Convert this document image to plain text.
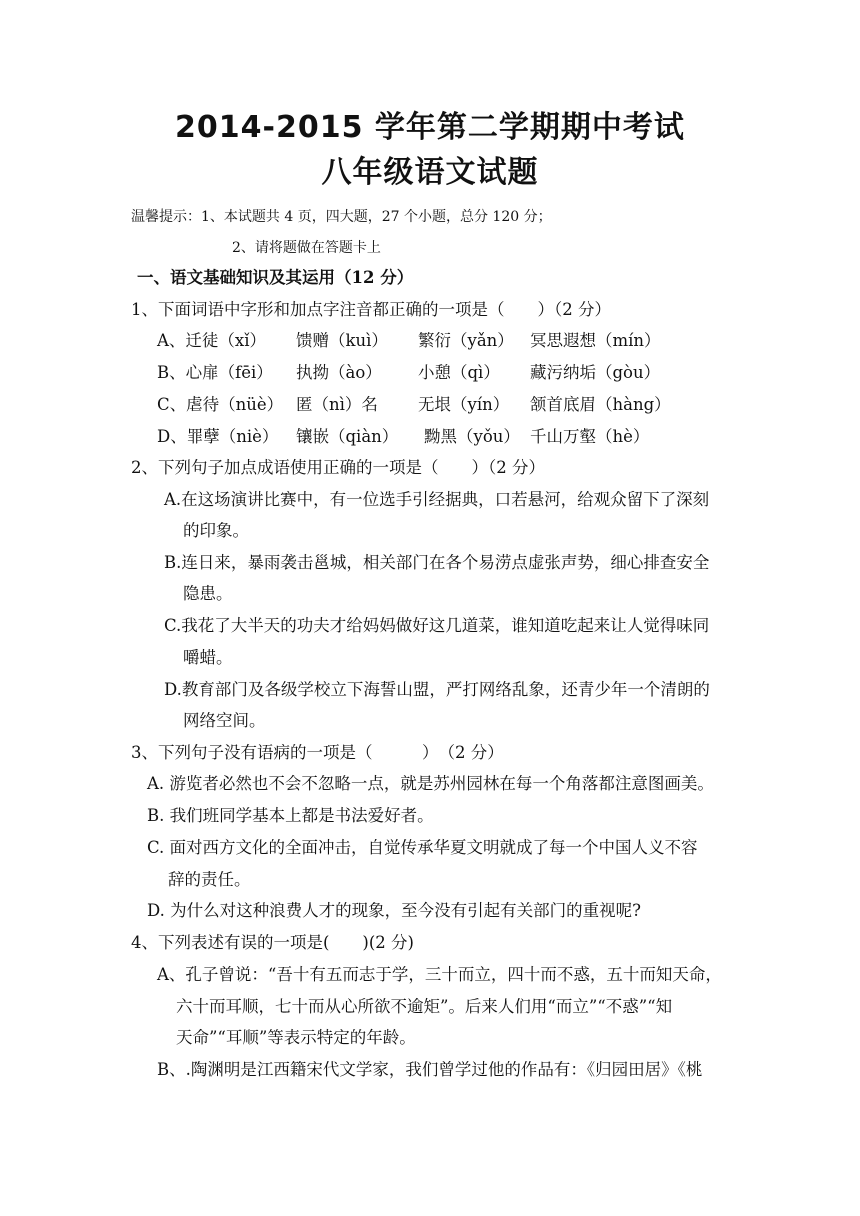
2014-2015 学年第二学期期中考试
八年级语文试题
温馨提示：1、本试题共 4 页，四大题，27 个小题，总分 120 分；
2、请将题做在答题卡上
一、语文基础知识及其运用（12 分）
1、下面词语中字形和加点字注音都正确的一项是（　　）（2 分）
A、迁徒（xǐ） 馈赠（kuì） 繁衍（yǎn） 冥思遐想（mín）
B、心扉（fēi） 执拗（ào） 小憩（qì） 藏污纳垢（gòu）
C、虐待（nüè） 匿（nì）名 无垠（yín） 颔首底眉（hàng）
D、罪孽（niè） 镶嵌（qiàn） 黝黑（yǒu） 千山万壑（hè）
2、下列句子加点成语使用正确的一项是（　　）（2 分）
A.在这场演讲比赛中，有一位选手引经据典，口若悬河，给观众留下了深刻
的印象。
B.连日来，暴雨袭击邕城，相关部门在各个易涝点虚张声势，细心排查安全
隐患。
C.我花了大半天的功夫才给妈妈做好这几道菜，谁知道吃起来让人觉得味同
嚼蜡。
D.教育部门及各级学校立下海誓山盟，严打网络乱象，还青少年一个清朗的
网络空间。
3、下列句子没有语病的一项是（　　　）　（2 分）
A. 游览者必然也不会不忽略一点，就是苏州园林在每一个角落都注意图画美。
B. 我们班同学基本上都是书法爱好者。
C. 面对西方文化的全面冲击，自觉传承华夏文明就成了每一个中国人义不容
辞的责任。
D. 为什么对这种浪费人才的现象，至今没有引起有关部门的重视呢?
4、下列表述有误的一项是(　　)(2 分)
A、孔子曾说：“吾十有五而志于学，三十而立，四十而不惑，五十而知天命，
六十而耳顺，七十而从心所欲不逾矩”。后来人们用“而立”“不惑”“知
天命”“耳顺”等表示特定的年龄。
B、.陶渊明是江西籍宋代文学家，我们曾学过他的作品有：《归园田居》《桃
